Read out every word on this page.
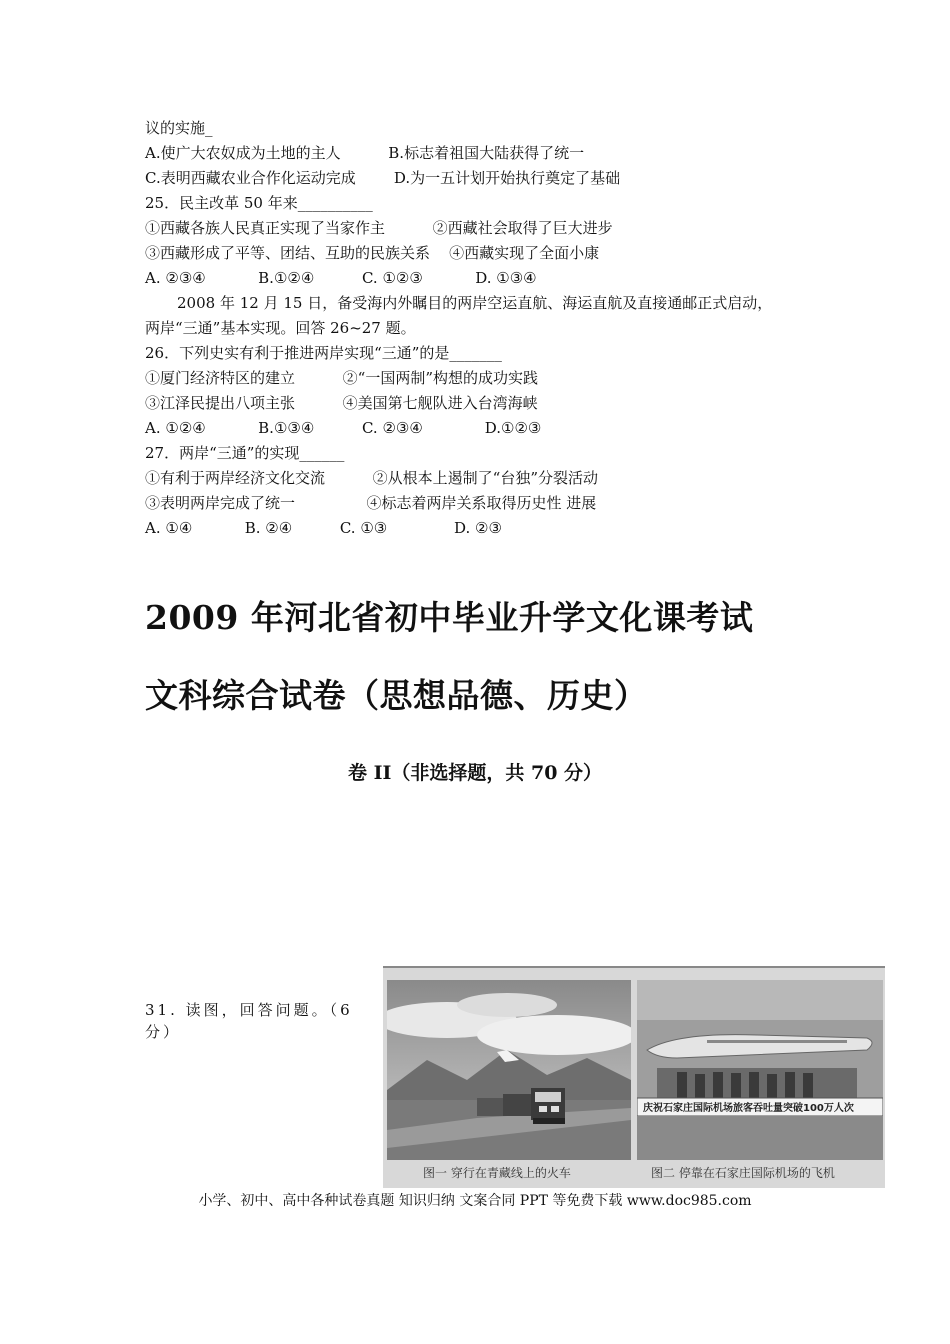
议的实施_
A.使广大农奴成为土地的主人          B.标志着祖国大陆获得了统一
C.表明西藏农业合作化运动完成        D.为一五计划开始执行奠定了基础
25．民主改革 50 年来__________
①西藏各族人民真正实现了当家作主          ②西藏社会取得了巨大进步
③西藏形成了平等、团结、互助的民族关系    ④西藏实现了全面小康
A. ②③④           B.①②④          C. ①②③           D. ①③④
2008 年 12 月 15 日，备受海内外瞩目的两岸空运直航、海运直航及直接通邮正式启动，
两岸“三通”基本实现。回答 26~27 题。
26．下列史实有利于推进两岸实现“三通”的是_______
①厦门经济特区的建立          ②“一国两制”构想的成功实践
③江泽民提出八项主张          ④美国第七舰队进入台湾海峡
A. ①②④           B.①③④          C. ②③④             D.①②③
27．两岸“三通”的实现______
①有利于两岸经济文化交流          ②从根本上遏制了“台独”分裂活动
③表明两岸完成了统一               ④标志着两岸关系取得历史性 进展
A. ①④           B. ②④          C. ①③              D. ②③
2009 年河北省初中毕业升学文化课考试
文科综合试卷（思想品德、历史）
卷 II（非选择题，共 70 分）
31. 读图，回答问题。（6 分）
庆祝石家庄国际机场旅客吞吐量突破100万人次
图一 穿行在青藏线上的火车	图二 停靠在石家庄国际机场的飞机
小学、初中、高中各种试卷真题 知识归纳 文案合同 PPT 等免费下载 www.doc985.com
